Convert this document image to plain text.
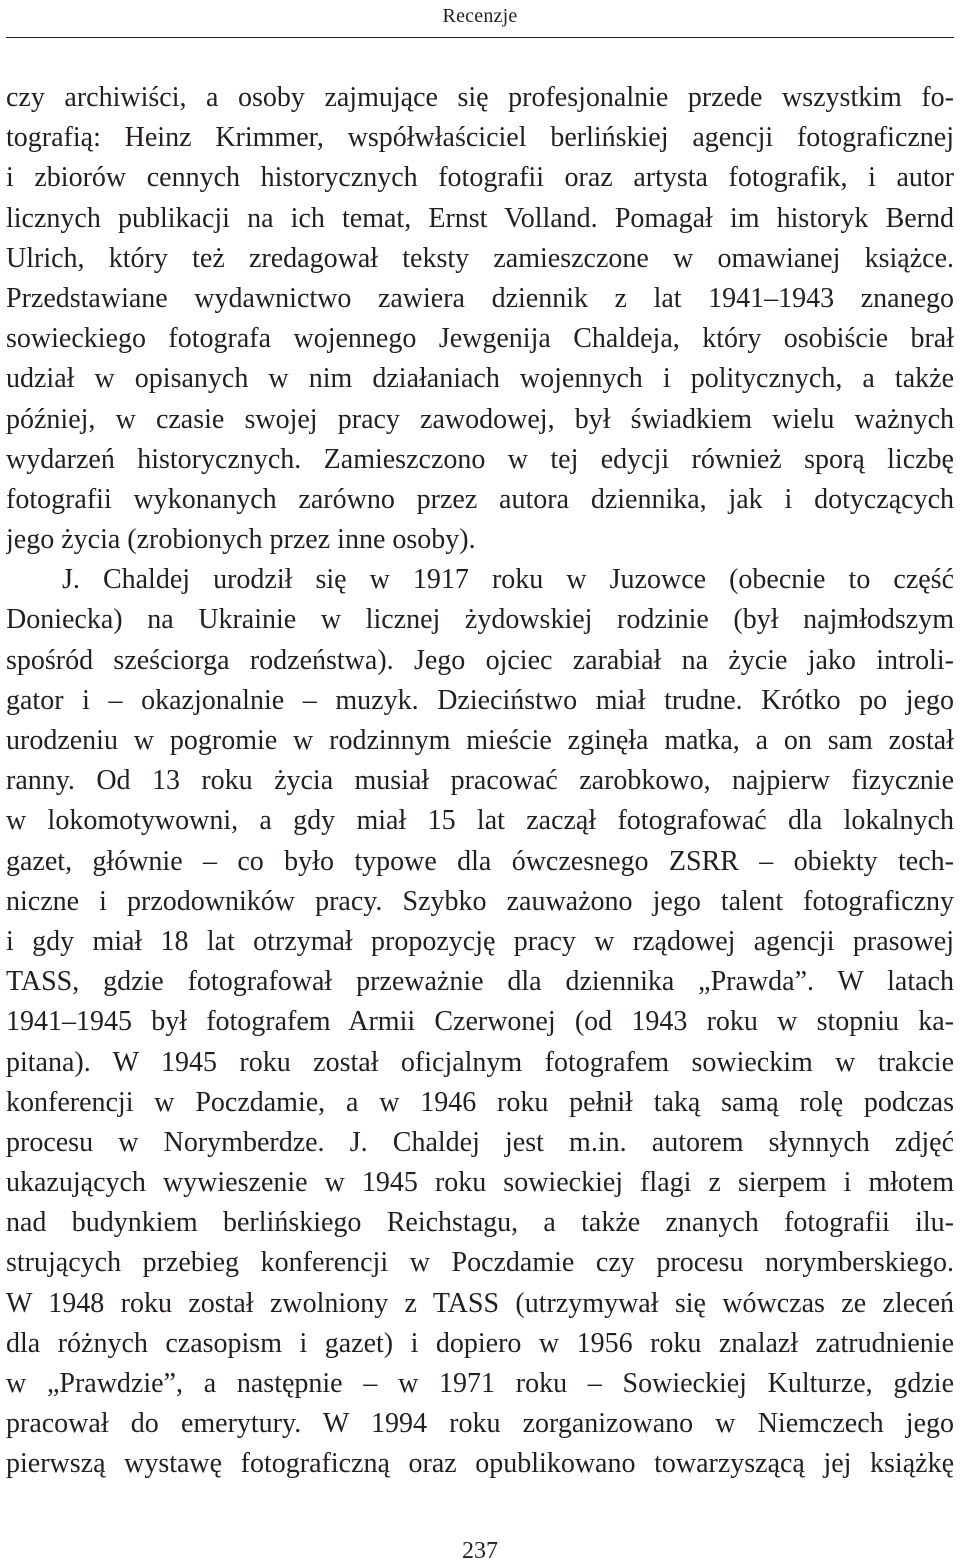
Recenzje
czy archiwiści, a osoby zajmujące się profesjonalnie przede wszystkim fo-
tografią: Heinz Krimmer, współwłaściciel berlińskiej agencji fotograficznej
i zbiorów cennych historycznych fotografii oraz artysta fotografik, i autor
licznych publikacji na ich temat, Ernst Volland. Pomagał im historyk Bernd
Ulrich, który też zredagował teksty zamieszczone w omawianej książce.
Przedstawiane wydawnictwo zawiera dziennik z lat 1941–1943 znanego
sowieckiego fotografa wojennego Jewgenija Chaldeja, który osobiście brał
udział w opisanych w nim działaniach wojennych i politycznych, a także
później, w czasie swojej pracy zawodowej, był świadkiem wielu ważnych
wydarzeń historycznych. Zamieszczono w tej edycji również sporą liczbę
fotografii wykonanych zarówno przez autora dziennika, jak i dotyczących
jego życia (zrobionych przez inne osoby).
J. Chaldej urodził się w 1917 roku w Juzowce (obecnie to część
Doniecka) na Ukrainie w licznej żydowskiej rodzinie (był najmłodszym
spośród sześciorga rodzeństwa). Jego ojciec zarabiał na życie jako introli-
gator i – okazjonalnie – muzyk. Dzieciństwo miał trudne. Krótko po jego
urodzeniu w pogromie w rodzinnym mieście zginęła matka, a on sam został
ranny. Od 13 roku życia musiał pracować zarobkowo, najpierw fizycznie
w lokomotywowni, a gdy miał 15 lat zaczął fotografować dla lokalnych
gazet, głównie – co było typowe dla ówczesnego ZSRR – obiekty tech-
niczne i przodowników pracy. Szybko zauważono jego talent fotograficzny
i gdy miał 18 lat otrzymał propozycję pracy w rządowej agencji prasowej
TASS, gdzie fotografował przeważnie dla dziennika „Prawda”. W latach
1941–1945 był fotografem Armii Czerwonej (od 1943 roku w stopniu ka-
pitana). W 1945 roku został oficjalnym fotografem sowieckim w trakcie
konferencji w Poczdamie, a w 1946 roku pełnił taką samą rolę podczas
procesu w Norymberdze. J. Chaldej jest m.in. autorem słynnych zdjęć
ukazujących wywieszenie w 1945 roku sowieckiej flagi z sierpem i młotem
nad budynkiem berlińskiego Reichstagu, a także znanych fotografii ilu-
strujących przebieg konferencji w Poczdamie czy procesu norymberskiego.
W 1948 roku został zwolniony z TASS (utrzymywał się wówczas ze zleceń
dla różnych czasopism i gazet) i dopiero w 1956 roku znalazł zatrudnienie
w „Prawdzie”, a następnie – w 1971 roku – Sowieckiej Kulturze, gdzie
pracował do emerytury. W 1994 roku zorganizowano w Niemczech jego
pierwszą wystawę fotograficzną oraz opublikowano towarzyszącą jej książkę
237
